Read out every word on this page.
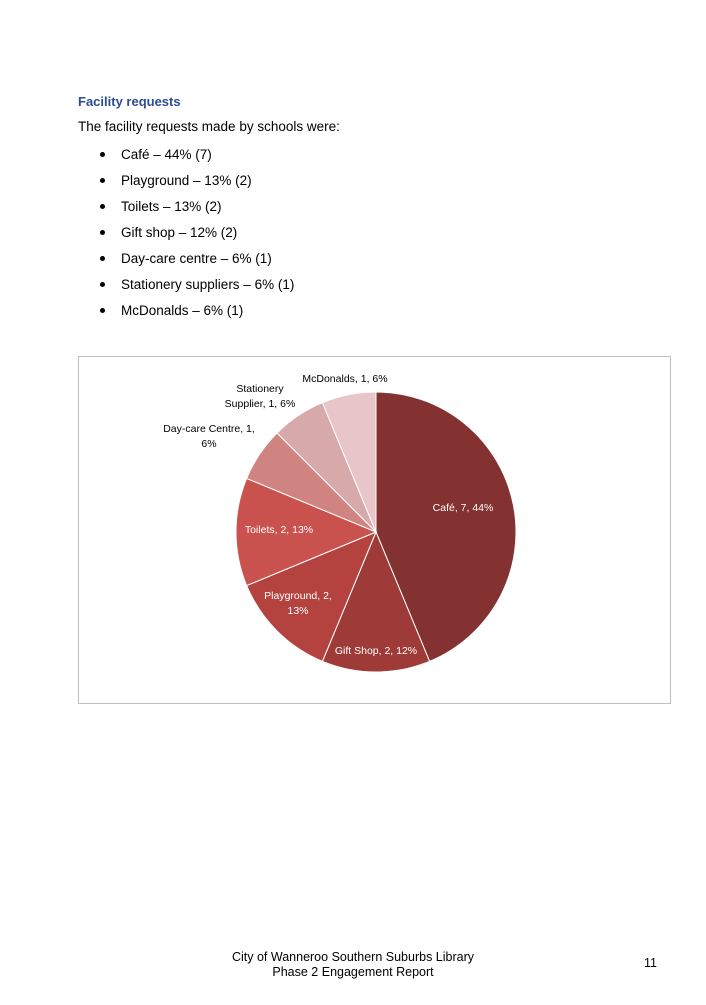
Facility requests
The facility requests made by schools were:
Café – 44% (7)
Playground – 13% (2)
Toilets – 13% (2)
Gift shop – 12% (2)
Day-care centre – 6% (1)
Stationery suppliers – 6% (1)
McDonalds – 6% (1)
Café, 7, 44%
Gift Shop, 2, 12%
Playground, 2, 13%
Toilets, 2, 13%
Day-care Centre, 1, 6%
Stationery Supplier, 1, 6%
McDonalds, 1, 6%
City of Wanneroo Southern Suburbs Library
Phase 2 Engagement Report
11
